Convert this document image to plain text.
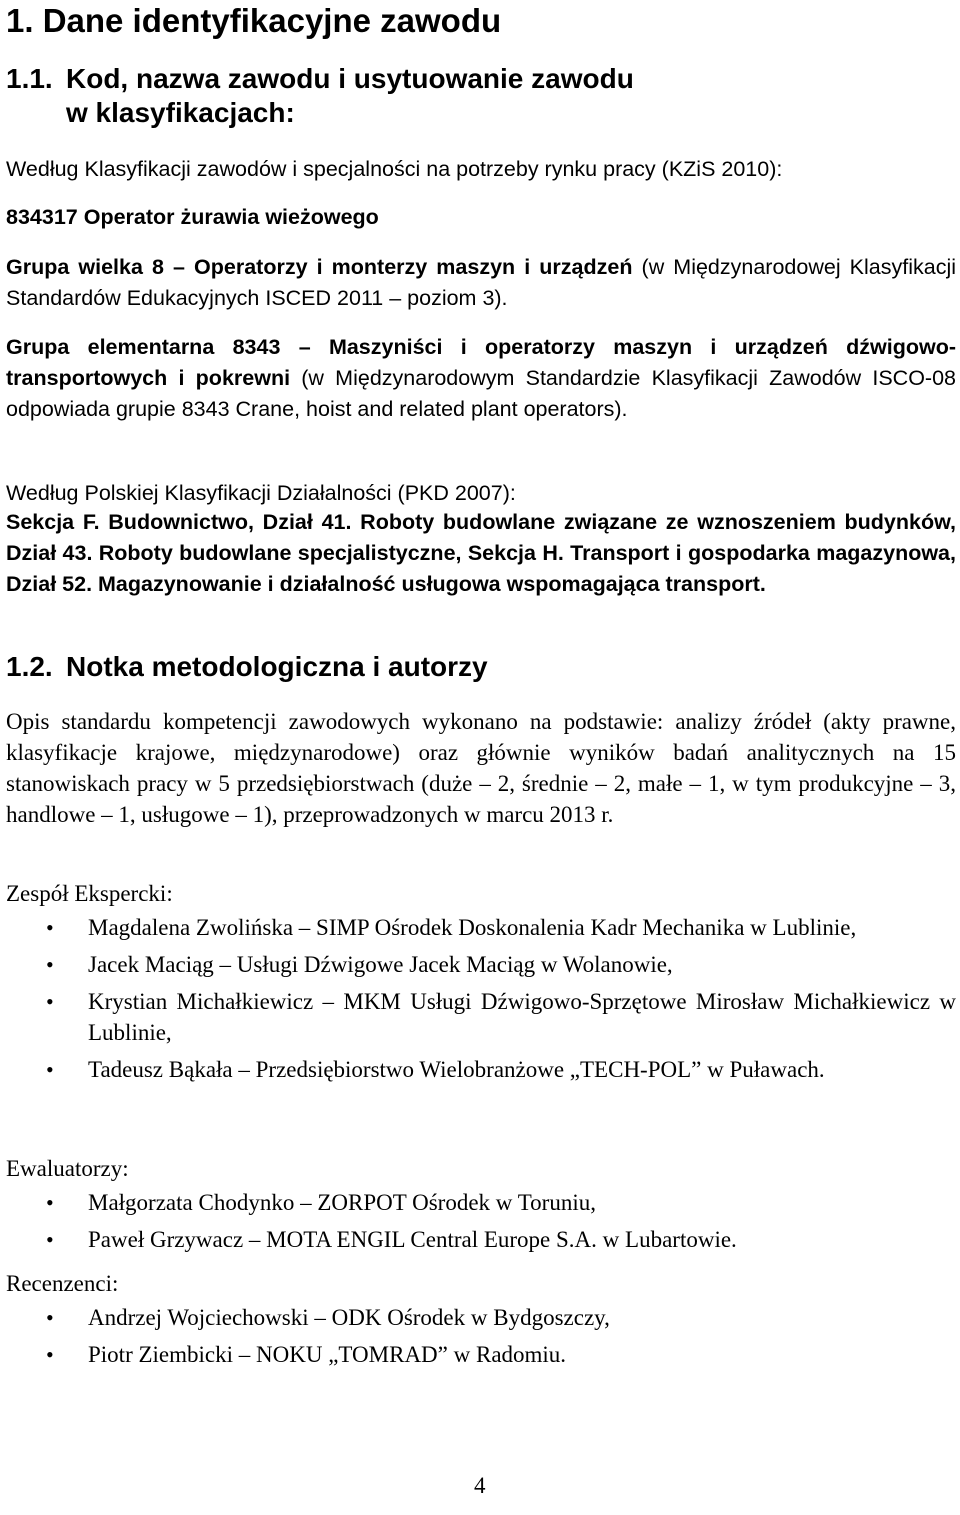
1. Dane identyfikacyjne zawodu
1.1. Kod, nazwa zawodu i usytuowanie zawodu
w klasyfikacjach:
Według Klasyfikacji zawodów i specjalności na potrzeby rynku pracy (KZiS 2010):
834317 Operator żurawia wieżowego
Grupa wielka 8 – Operatorzy i monterzy maszyn i urządzeń (w Międzynarodowej Klasyfikacji Standardów Edukacyjnych ISCED 2011 – poziom 3).
Grupa elementarna 8343 – Maszyniści i operatorzy maszyn i urządzeń dźwigowo-transportowych i pokrewni (w Międzynarodowym Standardzie Klasyfikacji Zawodów ISCO-08 odpowiada grupie 8343 Crane, hoist and related plant operators).
Według Polskiej Klasyfikacji Działalności (PKD 2007):
Sekcja F. Budownictwo, Dział 41. Roboty budowlane związane ze wznoszeniem budynków, Dział 43. Roboty budowlane specjalistyczne, Sekcja H. Transport i gospodarka magazynowa, Dział 52. Magazynowanie i działalność usługowa wspomagająca transport.
1.2. Notka metodologiczna i autorzy
Opis standardu kompetencji zawodowych wykonano na podstawie: analizy źródeł (akty prawne, klasyfikacje krajowe, międzynarodowe) oraz głównie wyników badań analitycznych na 15 stanowiskach pracy w 5 przedsiębiorstwach (duże – 2, średnie – 2, małe – 1, w tym produkcyjne – 3, handlowe – 1, usługowe – 1), przeprowadzonych w marcu 2013 r.
Zespół Ekspercki:
• Magdalena Zwolińska – SIMP Ośrodek Doskonalenia Kadr Mechanika w Lublinie,
• Jacek Maciąg – Usługi Dźwigowe Jacek Maciąg w Wolanowie,
• Krystian Michałkiewicz – MKM Usługi Dźwigowo-Sprzętowe Mirosław Michałkiewicz w Lublinie,
• Tadeusz Bąkała – Przedsiębiorstwo Wielobranżowe „TECH-POL” w Puławach.
Ewaluatorzy:
• Małgorzata Chodynko – ZORPOT Ośrodek w Toruniu,
• Paweł Grzywacz – MOTA ENGIL Central Europe S.A. w Lubartowie.
Recenzenci:
• Andrzej Wojciechowski – ODK Ośrodek w Bydgoszczy,
• Piotr Ziembicki – NOKU „TOMRAD” w Radomiu.
4
